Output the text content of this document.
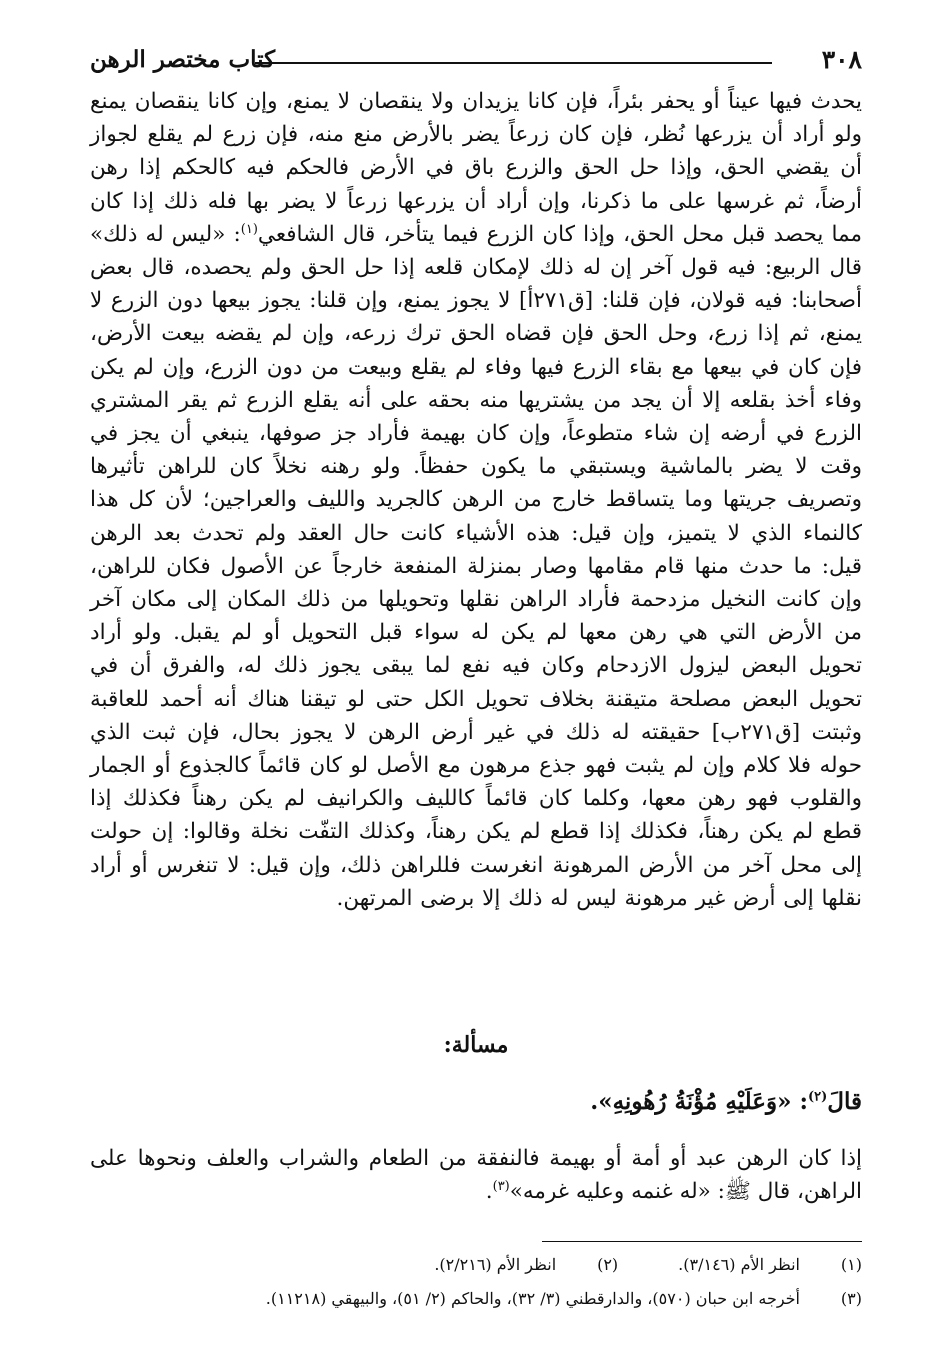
٣٠٨
كتاب مختصر الرهن

يحدث فيها عيناً أو يحفر بئراً، فإن كانا يزيدان ولا ينقصان لا يمنع، وإن كانا ينقصان يمنع ولو أراد أن يزرعها نُظر، فإن كان زرعاً يضر بالأرض منع منه، فإن زرع لم يقلع لجواز أن يقضي الحق، وإذا حل الحق والزرع باق في الأرض فالحكم فيه كالحكم إذا رهن أرضاً، ثم غرسها على ما ذكرنا، وإن أراد أن يزرعها زرعاً لا يضر بها فله ذلك إذا كان مما يحصد قبل محل الحق، وإذا كان الزرع فيما يتأخر، قال الشافعي$^{(١)}$: «ليس له ذلك» قال الربيع: فيه قول آخر إن له ذلك لإمكان قلعه إذا حل الحق ولم يحصده، قال بعض أصحابنا: فيه قولان، فإن قلنا: [ق٢٧١أ] لا يجوز يمنع، وإن قلنا: يجوز بيعها دون الزرع لا يمنع، ثم إذا زرع، وحل الحق فإن قضاه الحق ترك زرعه، وإن لم يقضه بيعت الأرض، فإن كان في بيعها مع بقاء الزرع فيها وفاء لم يقلع وبيعت من دون الزرع، وإن لم يكن وفاء أخذ بقلعه إلا أن يجد من يشتريها منه بحقه على أنه يقلع الزرع ثم يقر المشتري الزرع في أرضه إن شاء متطوعاً، وإن كان بهيمة فأراد جز صوفها، ينبغي أن يجز في وقت لا يضر بالماشية ويستبقي ما يكون حفظاً. ولو رهنه نخلاً كان للراهن تأثيرها وتصريف جريتها وما يتساقط خارج من الرهن كالجريد والليف والعراجين؛ لأن كل هذا كالنماء الذي لا يتميز، وإن قيل: هذه الأشياء كانت حال العقد ولم تحدث بعد الرهن قيل: ما حدث منها قام مقامها وصار بمنزلة المنفعة خارجاً عن الأصول فكان للراهن، وإن كانت النخيل مزدحمة فأراد الراهن نقلها وتحويلها من ذلك المكان إلى مكان آخر من الأرض التي هي رهن معها لم يكن له سواء قبل التحويل أو لم يقبل. ولو أراد تحويل البعض ليزول الازدحام وكان فيه نفع لما يبقى يجوز ذلك له، والفرق أن في تحويل البعض مصلحة متيقنة بخلاف تحويل الكل حتى لو تيقنا هناك أنه أحمد للعاقبة وثبتت [ق٢٧١ب] حقيقته له ذلك في غير أرض الرهن لا يجوز بحال، فإن ثبت الذي حوله فلا كلام وإن لم يثبت فهو جذع مرهون مع الأصل لو كان قائماً كالجذوع أو الجمار والقلوب فهو رهن معها، وكلما كان قائماً كالليف والكرانيف لم يكن رهناً فكذلك إذا قطع لم يكن رهناً، فكذلك إذا قطع لم يكن رهناً، وكذلك التفّت نخلة وقالوا: إن حولت إلى محل آخر من الأرض المرهونة انغرست فللراهن ذلك، وإن قيل: لا تنغرس أو أراد نقلها إلى أرض غير مرهونة ليس له ذلك إلا برضى المرتهن.

مسألة:

قالَ$^{(٢)}$: «وَعَلَيْهِ مُؤْنَةُ رُهُونِهِ».

إذا كان الرهن عبد أو أمة أو بهيمة فالنفقة من الطعام والشراب والعلف ونحوها على الراهن، قال ﷺ: «له غنمه وعليه غرمه»$^{(٣)}$.

(١)
انظر الأم (٣/١٤٦).
(٢)
انظر الأم (٢/٢١٦).
(٣)
أخرجه ابن حبان (٥٧٠)، والدارقطني (٣/ ٣٢)، والحاكم (٢/ ٥١)، والبيهقي (١١٢١٨).
